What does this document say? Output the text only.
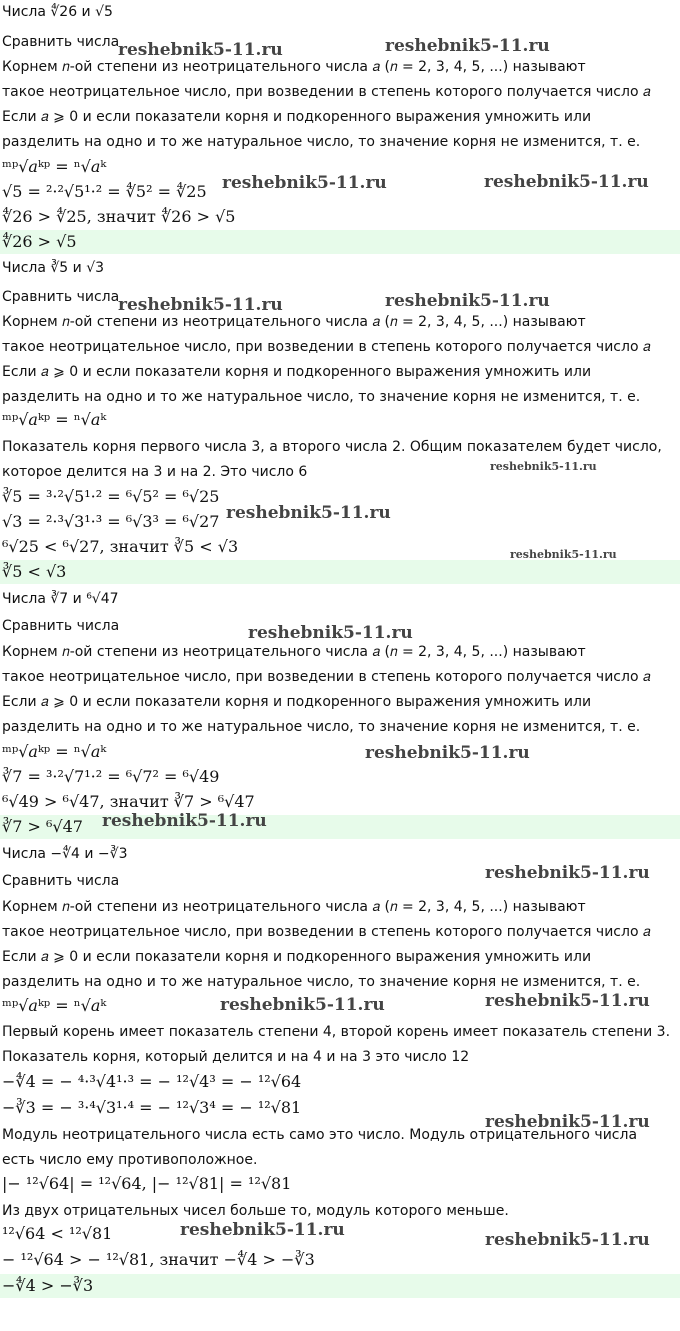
Числа ∜26 и √5
Сравнить числа
Корнем 𝑛-ой степени из неотрицательного числа 𝑎 (𝑛 = 2, 3, 4, 5, ...) называют
такое неотрицательное число, при возведении в степень которого получается число 𝑎
Если 𝑎 ⩾ 0 и если показатели корня и подкоренного выражения умножить или
разделить на одно и то же натуральное число, то значение корня не изменится, т. е.
ᵐᵖ√𝑎ᵏᵖ = ⁿ√𝑎ᵏ
√5 = ²·²√5¹·² = ∜5² = ∜25
∜26 > ∜25, значит ∜26 > √5
∜26 > √5
Числа ∛5 и √3
Сравнить числа
Корнем 𝑛-ой степени из неотрицательного числа 𝑎 (𝑛 = 2, 3, 4, 5, ...) называют
такое неотрицательное число, при возведении в степень которого получается число 𝑎
Если 𝑎 ⩾ 0 и если показатели корня и подкоренного выражения умножить или
разделить на одно и то же натуральное число, то значение корня не изменится, т. е.
ᵐᵖ√𝑎ᵏᵖ = ⁿ√𝑎ᵏ
Показатель корня первого числа 3, а второго числа 2. Общим показателем будет число,
которое делится на 3 и на 2. Это число 6
∛5 = ³·²√5¹·² = ⁶√5² = ⁶√25
√3 = ²·³√3¹·³ = ⁶√3³ = ⁶√27
⁶√25 < ⁶√27, значит ∛5 < √3
∛5 < √3
Числа ∛7 и ⁶√47
Сравнить числа
Корнем 𝑛-ой степени из неотрицательного числа 𝑎 (𝑛 = 2, 3, 4, 5, ...) называют
такое неотрицательное число, при возведении в степень которого получается число 𝑎
Если 𝑎 ⩾ 0 и если показатели корня и подкоренного выражения умножить или
разделить на одно и то же натуральное число, то значение корня не изменится, т. е.
ᵐᵖ√𝑎ᵏᵖ = ⁿ√𝑎ᵏ
∛7 = ³·²√7¹·² = ⁶√7² = ⁶√49
⁶√49 > ⁶√47, значит ∛7 > ⁶√47
∛7 > ⁶√47
Числа −∜4 и −∛3
Сравнить числа
Корнем 𝑛-ой степени из неотрицательного числа 𝑎 (𝑛 = 2, 3, 4, 5, ...) называют
такое неотрицательное число, при возведении в степень которого получается число 𝑎
Если 𝑎 ⩾ 0 и если показатели корня и подкоренного выражения умножить или
разделить на одно и то же натуральное число, то значение корня не изменится, т. е.
ᵐᵖ√𝑎ᵏᵖ = ⁿ√𝑎ᵏ
Первый корень имеет показатель степени 4, второй корень имеет показатель степени 3.
Показатель корня, который делится и на 4 и на 3 это число 12
−∜4 = − ⁴·³√4¹·³ = − ¹²√4³ = − ¹²√64
−∛3 = − ³·⁴√3¹·⁴ = − ¹²√3⁴ = − ¹²√81
Модуль неотрицательного числа есть само это число. Модуль отрицательного числа
есть число ему противоположное.
|− ¹²√64| = ¹²√64, |− ¹²√81| = ¹²√81
Из двух отрицательных чисел больше то, модуль которого меньше.
¹²√64 < ¹²√81
− ¹²√64 > − ¹²√81, значит −∜4 > −∛3
−∜4 > −∛3
reshebnik5-11.ru	reshebnik5-11.ru
reshebnik5-11.ru	reshebnik5-11.ru
reshebnik5-11.ru	reshebnik5-11.ru
reshebnik5-11.ru
reshebnik5-11.ru
reshebnik5-11.ru
reshebnik5-11.ru
reshebnik5-11.ru
reshebnik5-11.ru
reshebnik5-11.ru
reshebnik5-11.ru	reshebnik5-11.ru
reshebnik5-11.ru
reshebnik5-11.ru	reshebnik5-11.ru
